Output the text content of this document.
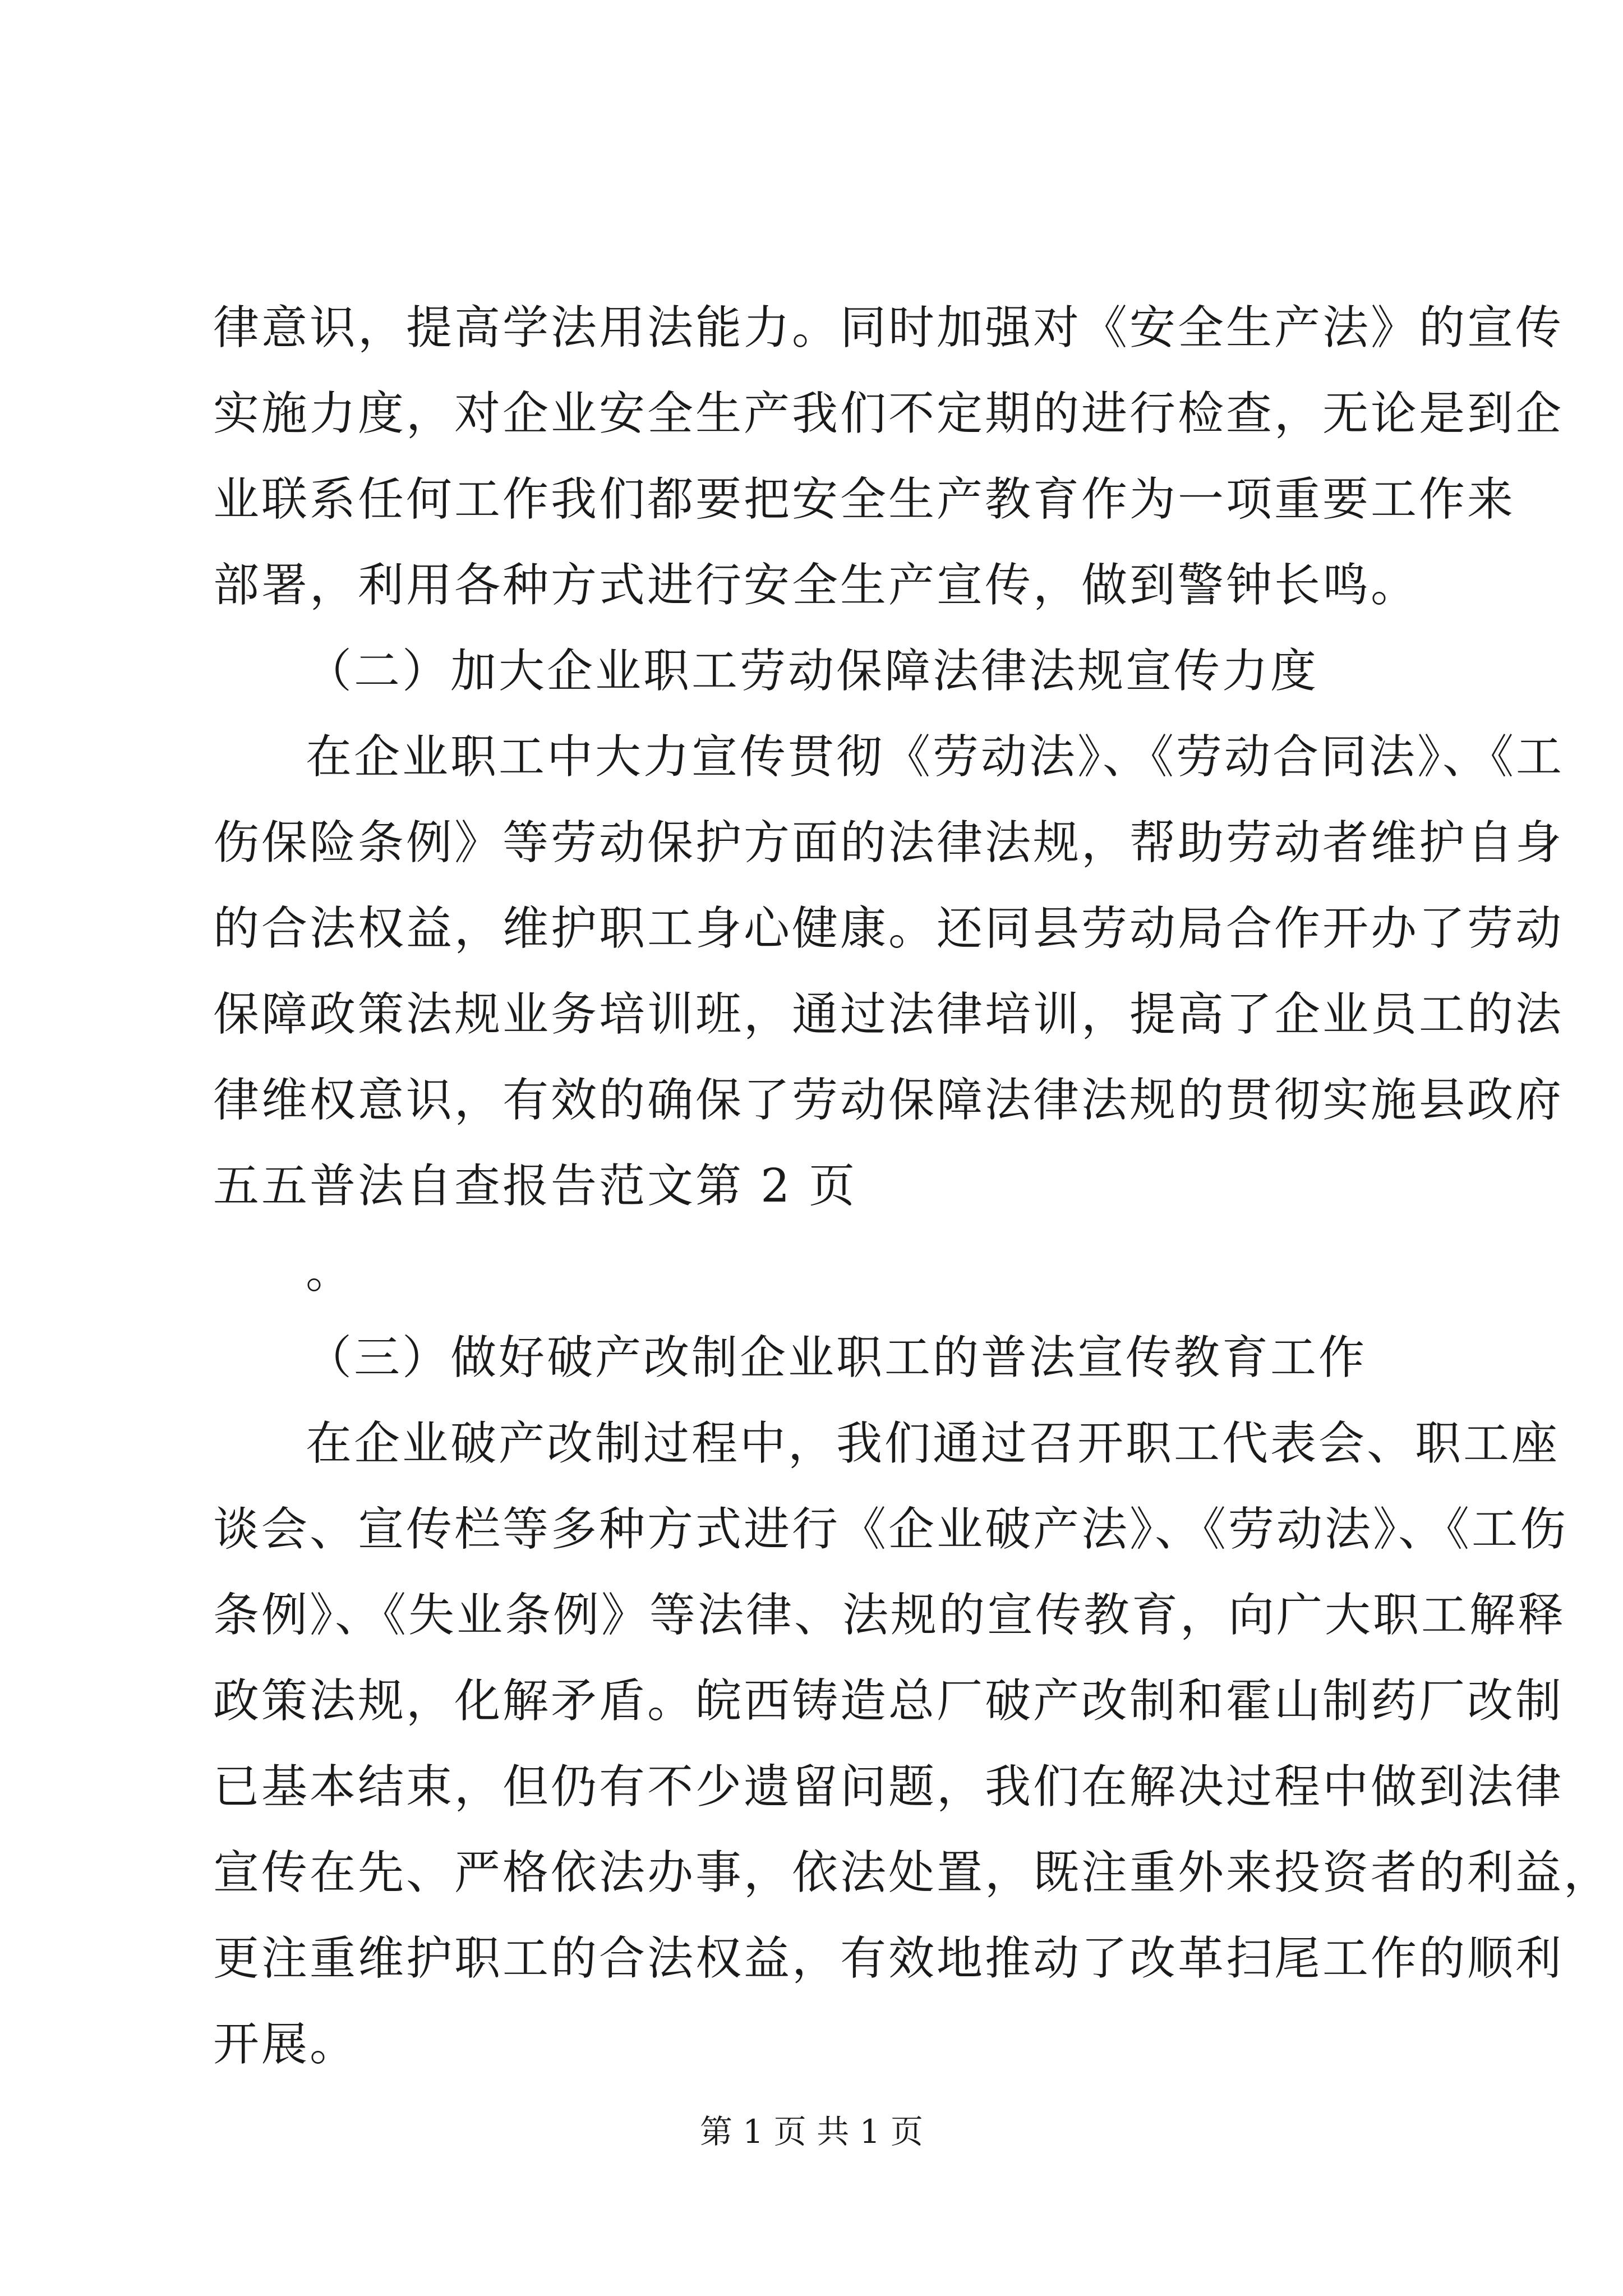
律意识，提高学法用法能力。同时加强对《安全生产法》的宣传
实施力度，对企业安全生产我们不定期的进行检查，无论是到企
业联系任何工作我们都要把安全生产教育作为一项重要工作来
部署，利用各种方式进行安全生产宣传，做到警钟长鸣。
（二）加大企业职工劳动保障法律法规宣传力度
在企业职工中大力宣传贯彻《劳动法》、《劳动合同法》、《工
伤保险条例》等劳动保护方面的法律法规，帮助劳动者维护自身
的合法权益，维护职工身心健康。还同县劳动局合作开办了劳动
保障政策法规业务培训班，通过法律培训，提高了企业员工的法
律维权意识，有效的确保了劳动保障法律法规的贯彻实施县政府
五五普法自查报告范文第 2 页
。
（三）做好破产改制企业职工的普法宣传教育工作
在企业破产改制过程中，我们通过召开职工代表会、职工座
谈会、宣传栏等多种方式进行《企业破产法》、《劳动法》、《工伤
条例》、《失业条例》等法律、法规的宣传教育，向广大职工解释
政策法规，化解矛盾。皖西铸造总厂破产改制和霍山制药厂改制
已基本结束，但仍有不少遗留问题，我们在解决过程中做到法律
宣传在先、严格依法办事，依法处置，既注重外来投资者的利益，
更注重维护职工的合法权益，有效地推动了改革扫尾工作的顺利
开展。
第 1 页 共 1 页
